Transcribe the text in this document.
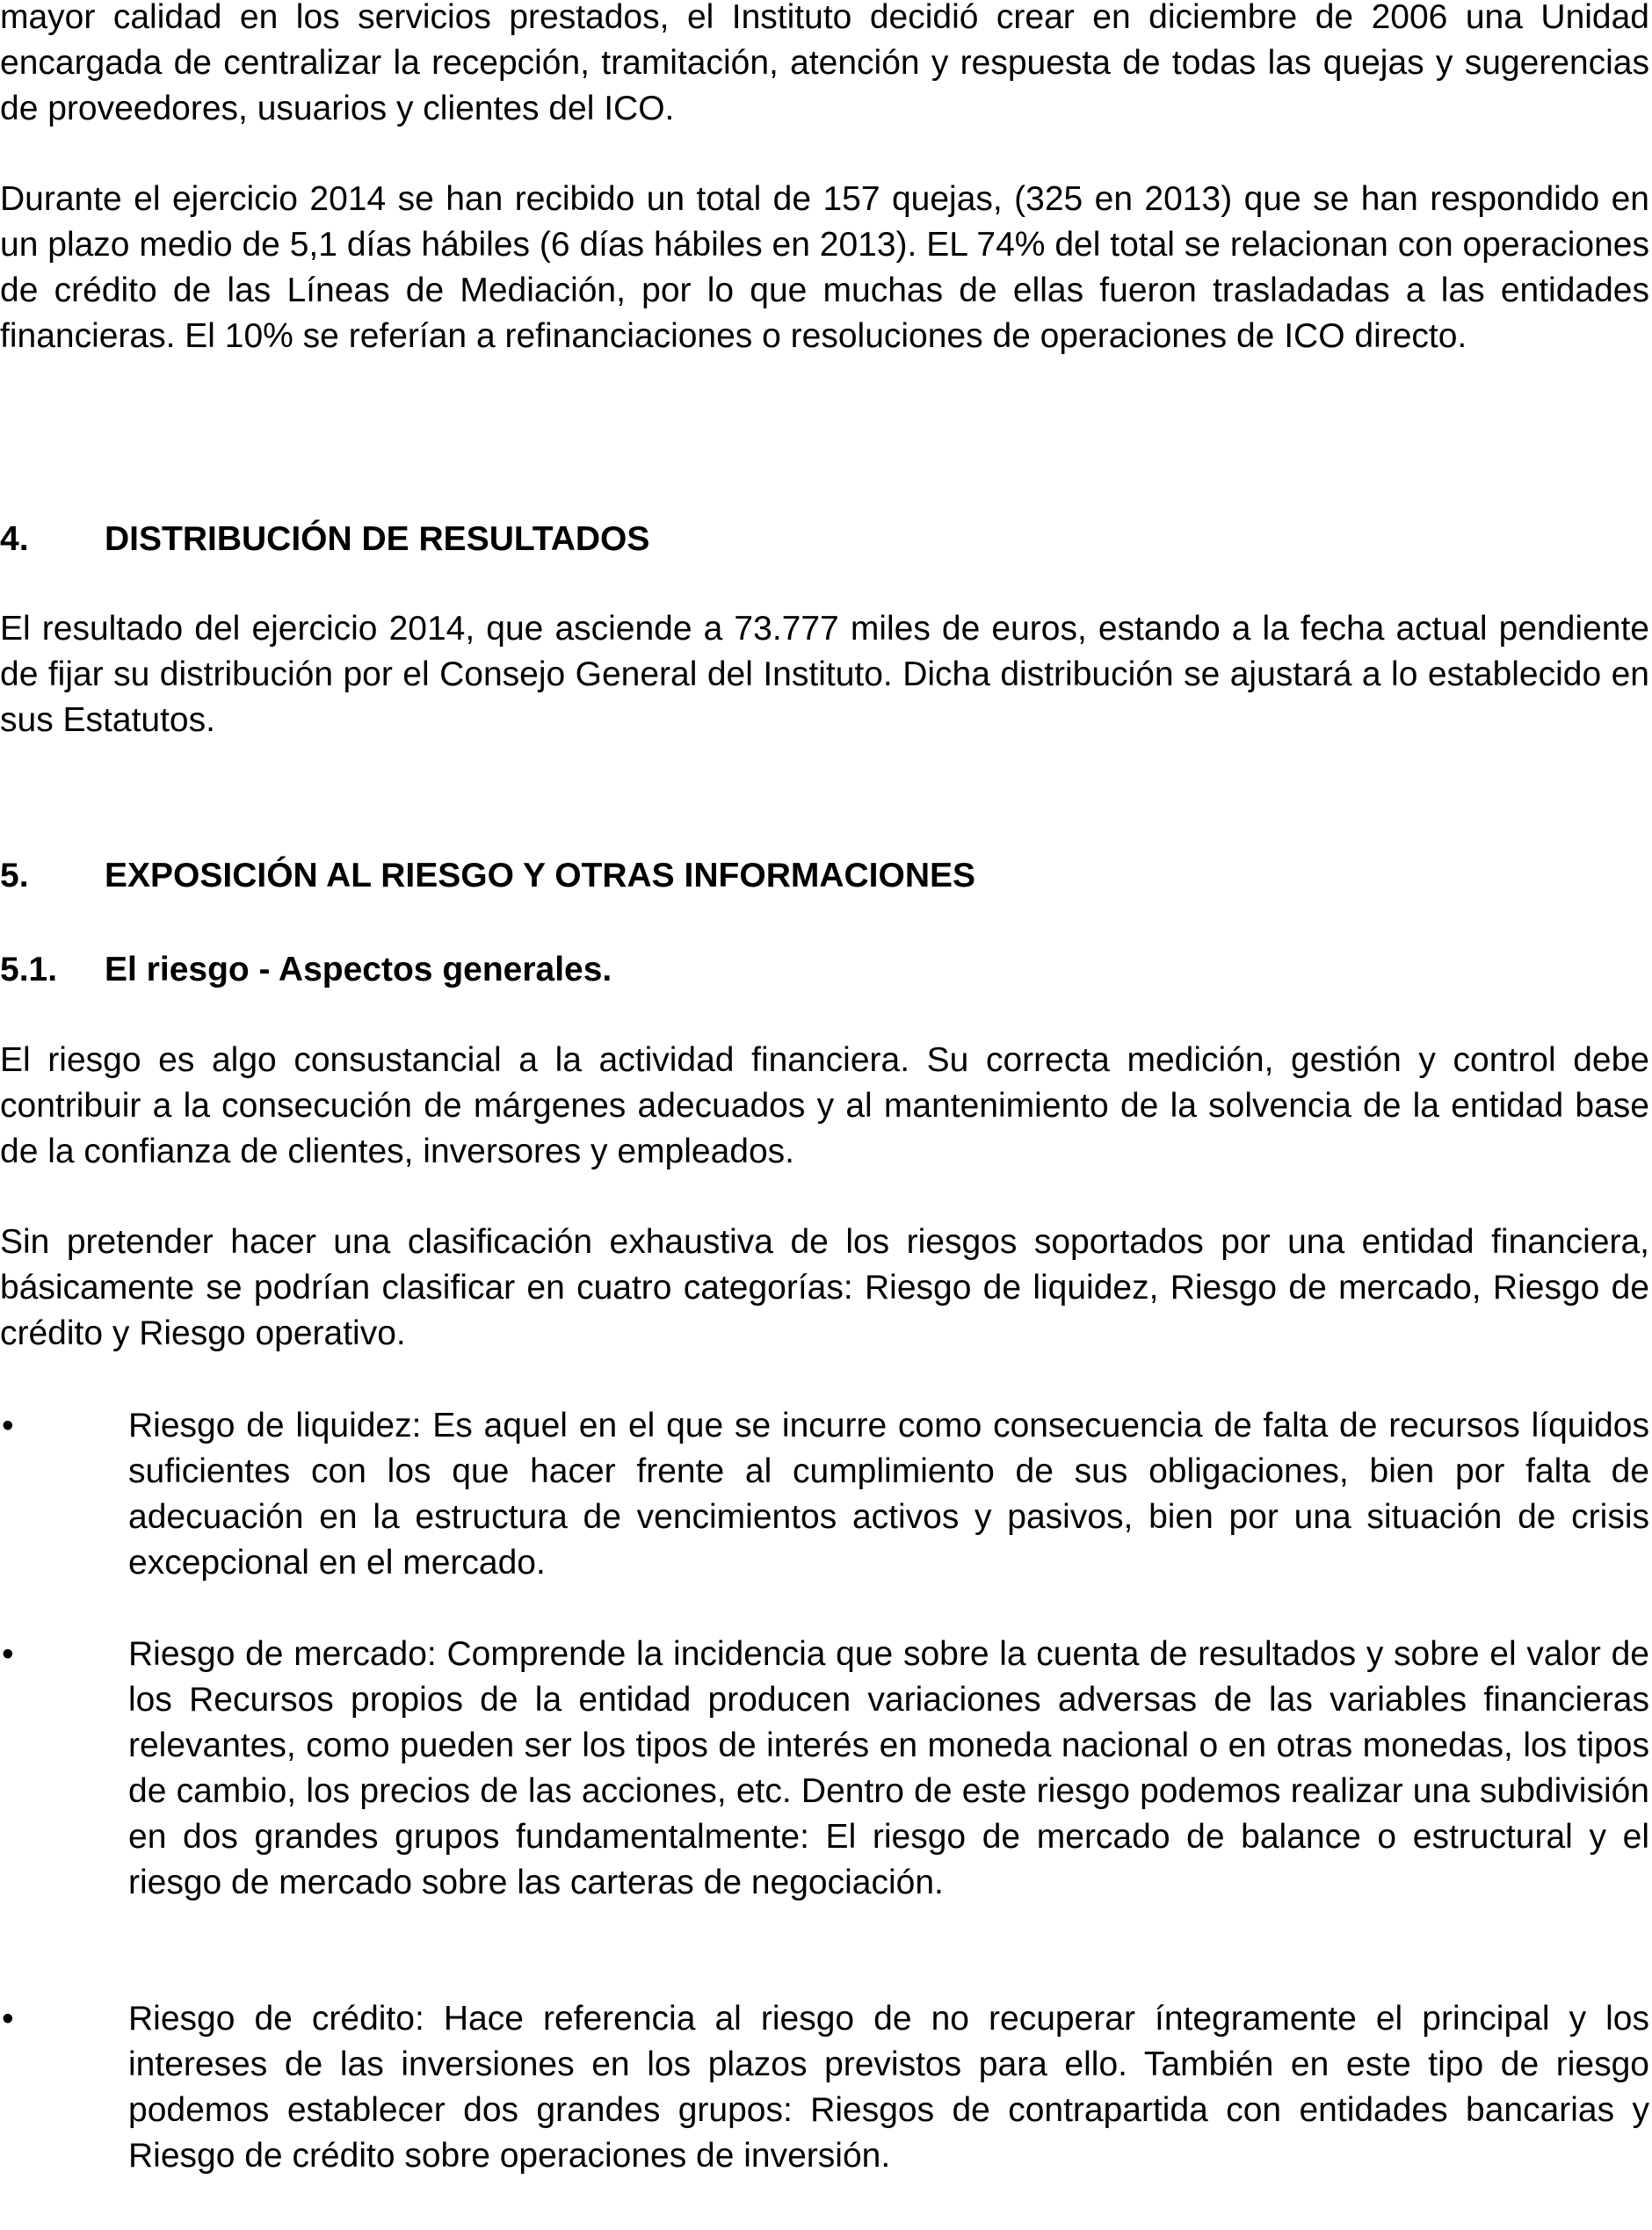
mayor calidad en los servicios prestados, el Instituto decidió crear en diciembre de 2006 una Unidad encargada de centralizar la recepción, tramitación, atención y respuesta de todas las quejas y sugerencias de proveedores, usuarios y clientes del ICO.

Durante el ejercicio 2014 se han recibido un total de 157 quejas, (325 en 2013) que se han respondido en un plazo medio de 5,1 días hábiles (6 días hábiles en 2013). EL 74% del total se relacionan con operaciones de crédito de las Líneas de Mediación, por lo que muchas de ellas fueron trasladadas a las entidades financieras. El 10% se referían a refinanciaciones o resoluciones de operaciones de ICO directo.

4. DISTRIBUCIÓN DE RESULTADOS

El resultado del ejercicio 2014, que asciende a 73.777 miles de euros, estando a la fecha actual pendiente de fijar su distribución por el Consejo General del Instituto. Dicha distribución se ajustará a lo establecido en sus Estatutos.

5. EXPOSICIÓN AL RIESGO Y OTRAS INFORMACIONES
5.1. El riesgo - Aspectos generales.

El riesgo es algo consustancial a la actividad financiera. Su correcta medición, gestión y control debe contribuir a la consecución de márgenes adecuados y al mantenimiento de la solvencia de la entidad base de la confianza de clientes, inversores y empleados.

Sin pretender hacer una clasificación exhaustiva de los riesgos soportados por una entidad financiera, básicamente se podrían clasificar en cuatro categorías: Riesgo de liquidez, Riesgo de mercado, Riesgo de crédito y Riesgo operativo.

•	Riesgo de liquidez: Es aquel en el que se incurre como consecuencia de falta de recursos líquidos suficientes con los que hacer frente al cumplimiento de sus obligaciones, bien por falta de adecuación en la estructura de vencimientos activos y pasivos, bien por una situación de crisis excepcional en el mercado.

•	Riesgo de mercado: Comprende la incidencia que sobre la cuenta de resultados y sobre el valor de los Recursos propios de la entidad producen variaciones adversas de las variables financieras relevantes, como pueden ser los tipos de interés en moneda nacional o en otras monedas, los tipos de cambio, los precios de las acciones, etc. Dentro de este riesgo podemos realizar una subdivisión en dos grandes grupos fundamentalmente: El riesgo de mercado de balance o estructural y el riesgo de mercado sobre las carteras de negociación.

•	Riesgo de crédito: Hace referencia al riesgo de no recuperar íntegramente el principal y los intereses de las inversiones en los plazos previstos para ello. También en este tipo de riesgo podemos establecer dos grandes grupos: Riesgos de contrapartida con entidades bancarias y Riesgo de crédito sobre operaciones de inversión.
